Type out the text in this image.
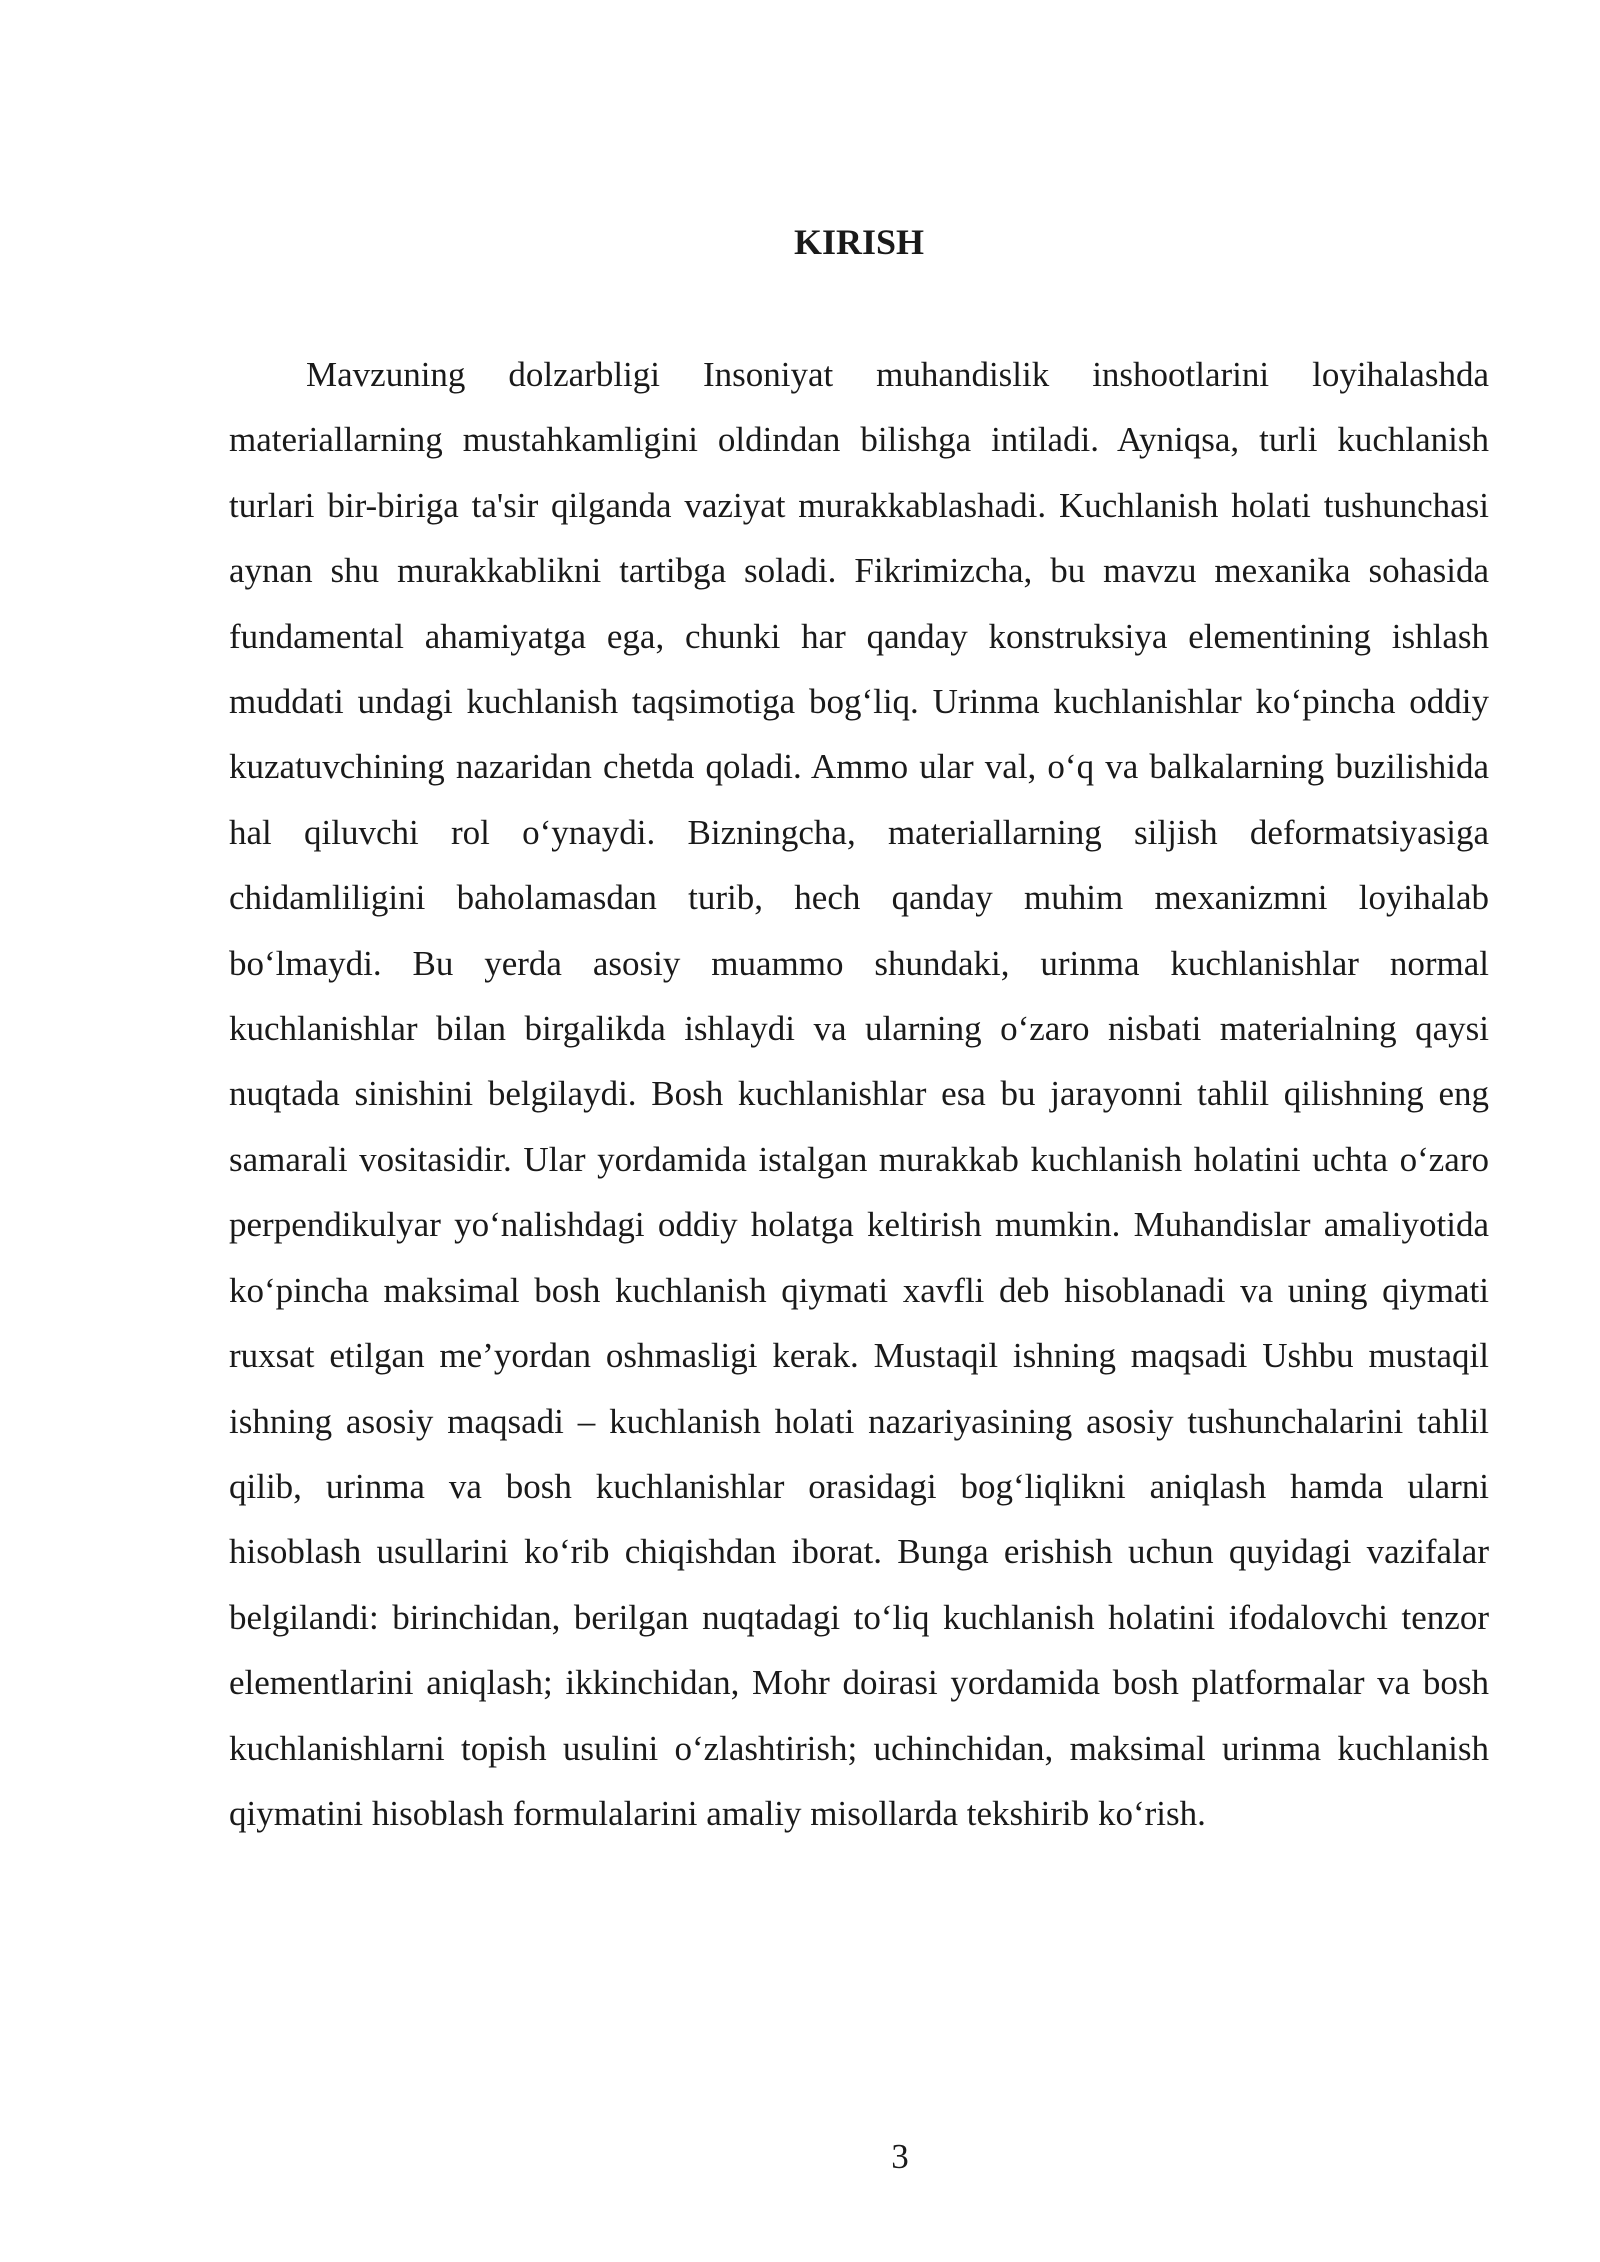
KIRISH

Mavzuning dolzarbligi Insoniyat muhandislik inshootlarini loyihalashda materiallarning mustahkamligini oldindan bilishga intiladi. Ayniqsa, turli kuchlanish turlari bir-biriga ta'sir qilganda vaziyat murakkablashadi. Kuchlanish holati tushunchasi aynan shu murakkablikni tartibga soladi. Fikrimizcha, bu mavzu mexanika sohasida fundamental ahamiyatga ega, chunki har qanday konstruksiya elementining ishlash muddati undagi kuchlanish taqsimotiga bog‘liq. Urinma kuchlanishlar ko‘pincha oddiy kuzatuvchining nazaridan chetda qoladi. Ammo ular val, o‘q va balkalarning buzilishida hal qiluvchi rol o‘ynaydi. Bizningcha, materiallarning siljish deformatsiyasiga chidamliligini baholamasdan turib, hech qanday muhim mexanizmni loyihalab bo‘lmaydi. Bu yerda asosiy muammo shundaki, urinma kuchlanishlar normal kuchlanishlar bilan birgalikda ishlaydi va ularning o‘zaro nisbati materialning qaysi nuqtada sinishini belgilaydi. Bosh kuchlanishlar esa bu jarayonni tahlil qilishning eng samarali vositasidir. Ular yordamida istalgan murakkab kuchlanish holatini uchta o‘zaro perpendikulyar yo‘nalishdagi oddiy holatga keltirish mumkin. Muhandislar amaliyotida ko‘pincha maksimal bosh kuchlanish qiymati xavfli deb hisoblanadi va uning qiymati ruxsat etilgan me’yordan oshmasligi kerak. Mustaqil ishning maqsadi Ushbu mustaqil ishning asosiy maqsadi – kuchlanish holati nazariyasining asosiy tushunchalarini tahlil qilib, urinma va bosh kuchlanishlar orasidagi bog‘liqlikni aniqlash hamda ularni hisoblash usullarini ko‘rib chiqishdan iborat. Bunga erishish uchun quyidagi vazifalar belgilandi: birinchidan, berilgan nuqtadagi to‘liq kuchlanish holatini ifodalovchi tenzor elementlarini aniqlash; ikkinchidan, Mohr doirasi yordamida bosh platformalar va bosh kuchlanishlarni topish usulini o‘zlashtirish; uchinchidan, maksimal urinma kuchlanish qiymatini hisoblash formulalarini amaliy misollarda tekshirib ko‘rish.

3
